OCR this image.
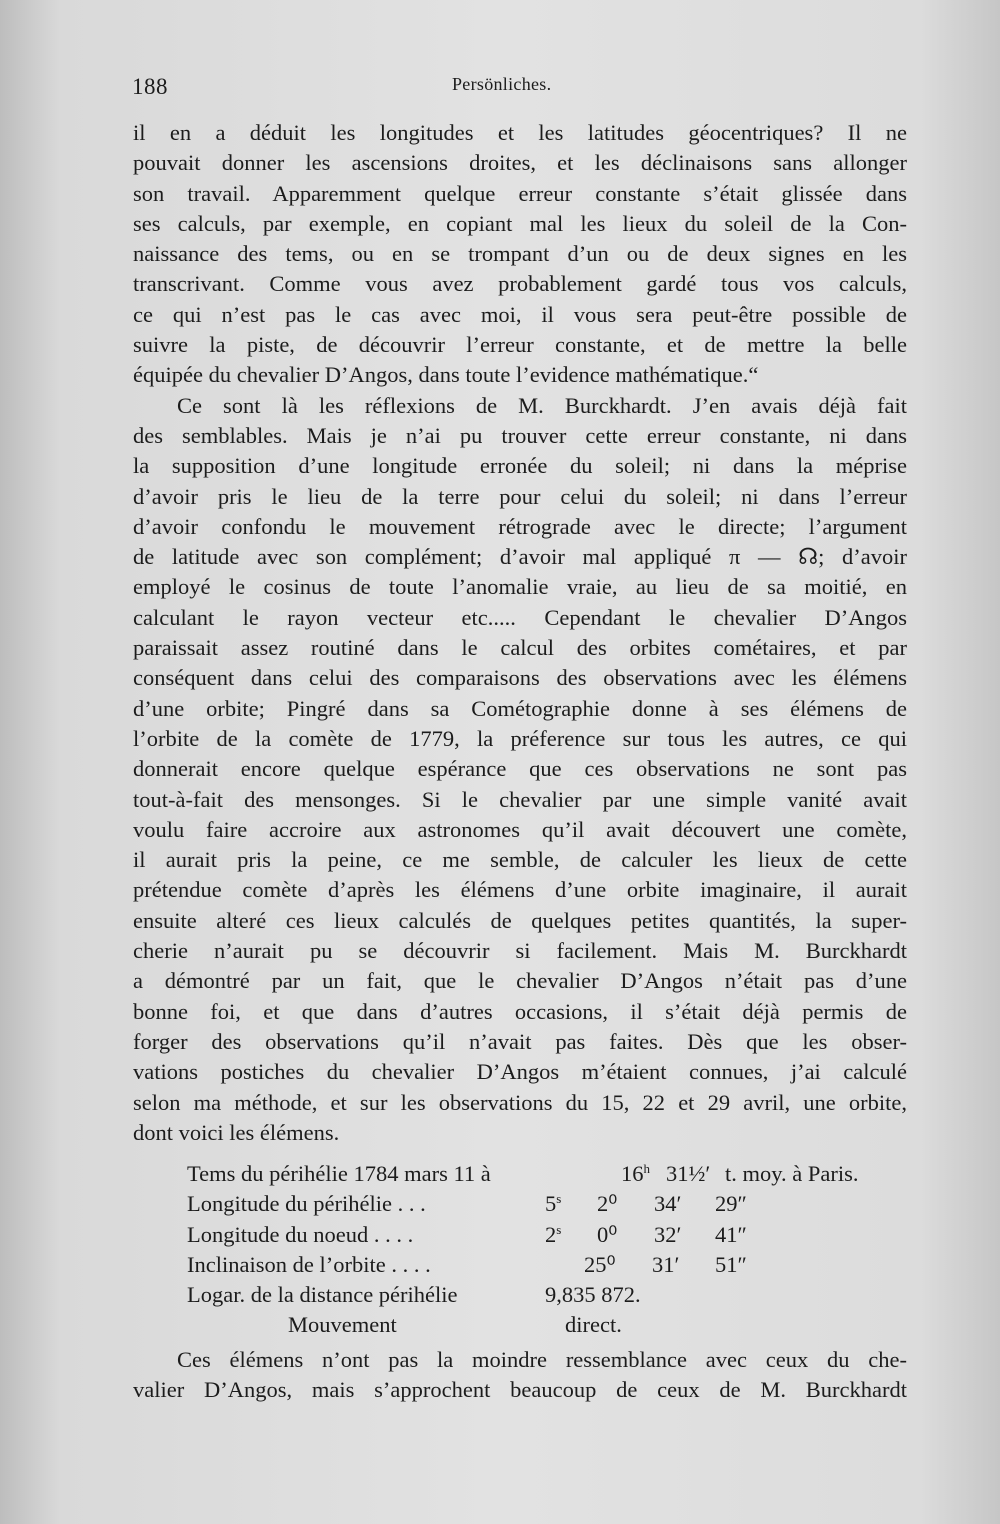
188	Persönliches.
il en a déduit les longitudes et les latitudes géocentriques? Il ne
pouvait donner les ascensions droites, et les déclinaisons sans allonger
son travail. Apparemment quelque erreur constante s’était glissée dans
ses calculs, par exemple, en copiant mal les lieux du soleil de la Con-
naissance des tems, ou en se trompant d’un ou de deux signes en les
transcrivant. Comme vous avez probablement gardé tous vos calculs,
ce qui n’est pas le cas avec moi, il vous sera peut-être possible de
suivre la piste, de découvrir l’erreur constante, et de mettre la belle
équipée du chevalier D’Angos, dans toute l’evidence mathématique.“
Ce sont là les réflexions de M. Burckhardt. J’en avais déjà fait
des semblables. Mais je n’ai pu trouver cette erreur constante, ni dans
la supposition d’une longitude erronée du soleil; ni dans la méprise
d’avoir pris le lieu de la terre pour celui du soleil; ni dans l’erreur
d’avoir confondu le mouvement rétrograde avec le directe; l’argument
de latitude avec son complément; d’avoir mal appliqué π — ☊; d’avoir
employé le cosinus de toute l’anomalie vraie, au lieu de sa moitié, en
calculant le rayon vecteur etc..... Cependant le chevalier D’Angos
paraissait assez routiné dans le calcul des orbites cométaires, et par
conséquent dans celui des comparaisons des observations avec les élémens
d’une orbite; Pingré dans sa Cométographie donne à ses élémens de
l’orbite de la comète de 1779, la préference sur tous les autres, ce qui
donnerait encore quelque espérance que ces observations ne sont pas
tout-à-fait des mensonges. Si le chevalier par une simple vanité avait
voulu faire accroire aux astronomes qu’il avait découvert une comète,
il aurait pris la peine, ce me semble, de calculer les lieux de cette
prétendue comète d’après les élémens d’une orbite imaginaire, il aurait
ensuite alteré ces lieux calculés de quelques petites quantités, la super-
cherie n’aurait pu se découvrir si facilement. Mais M. Burckhardt
a démontré par un fait, que le chevalier D’Angos n’était pas d’une
bonne foi, et que dans d’autres occasions, il s’était déjà permis de
forger des observations qu’il n’avait pas faites. Dès que les obser-
vations postiches du chevalier D’Angos m’étaient connues, j’ai calculé
selon ma méthode, et sur les observations du 15, 22 et 29 avril, une orbite,
dont voici les élémens.
Tems du périhélie 1784 mars 11 à	16$^h$ 31½′ t. moy. à Paris.
Longitude du périhélie . . .	5$^s$ 2⁰ 34′ 29″
Longitude du noeud . . . .	2$^s$ 0⁰ 32′ 41″
Inclinaison de l’orbite . . . .	25⁰ 31′ 51″
Logar. de la distance périhélie	9,835 872.
Mouvement	direct.
Ces élémens n’ont pas la moindre ressemblance avec ceux du che-
valier D’Angos, mais s’approchent beaucoup de ceux de M. Burckhardt
